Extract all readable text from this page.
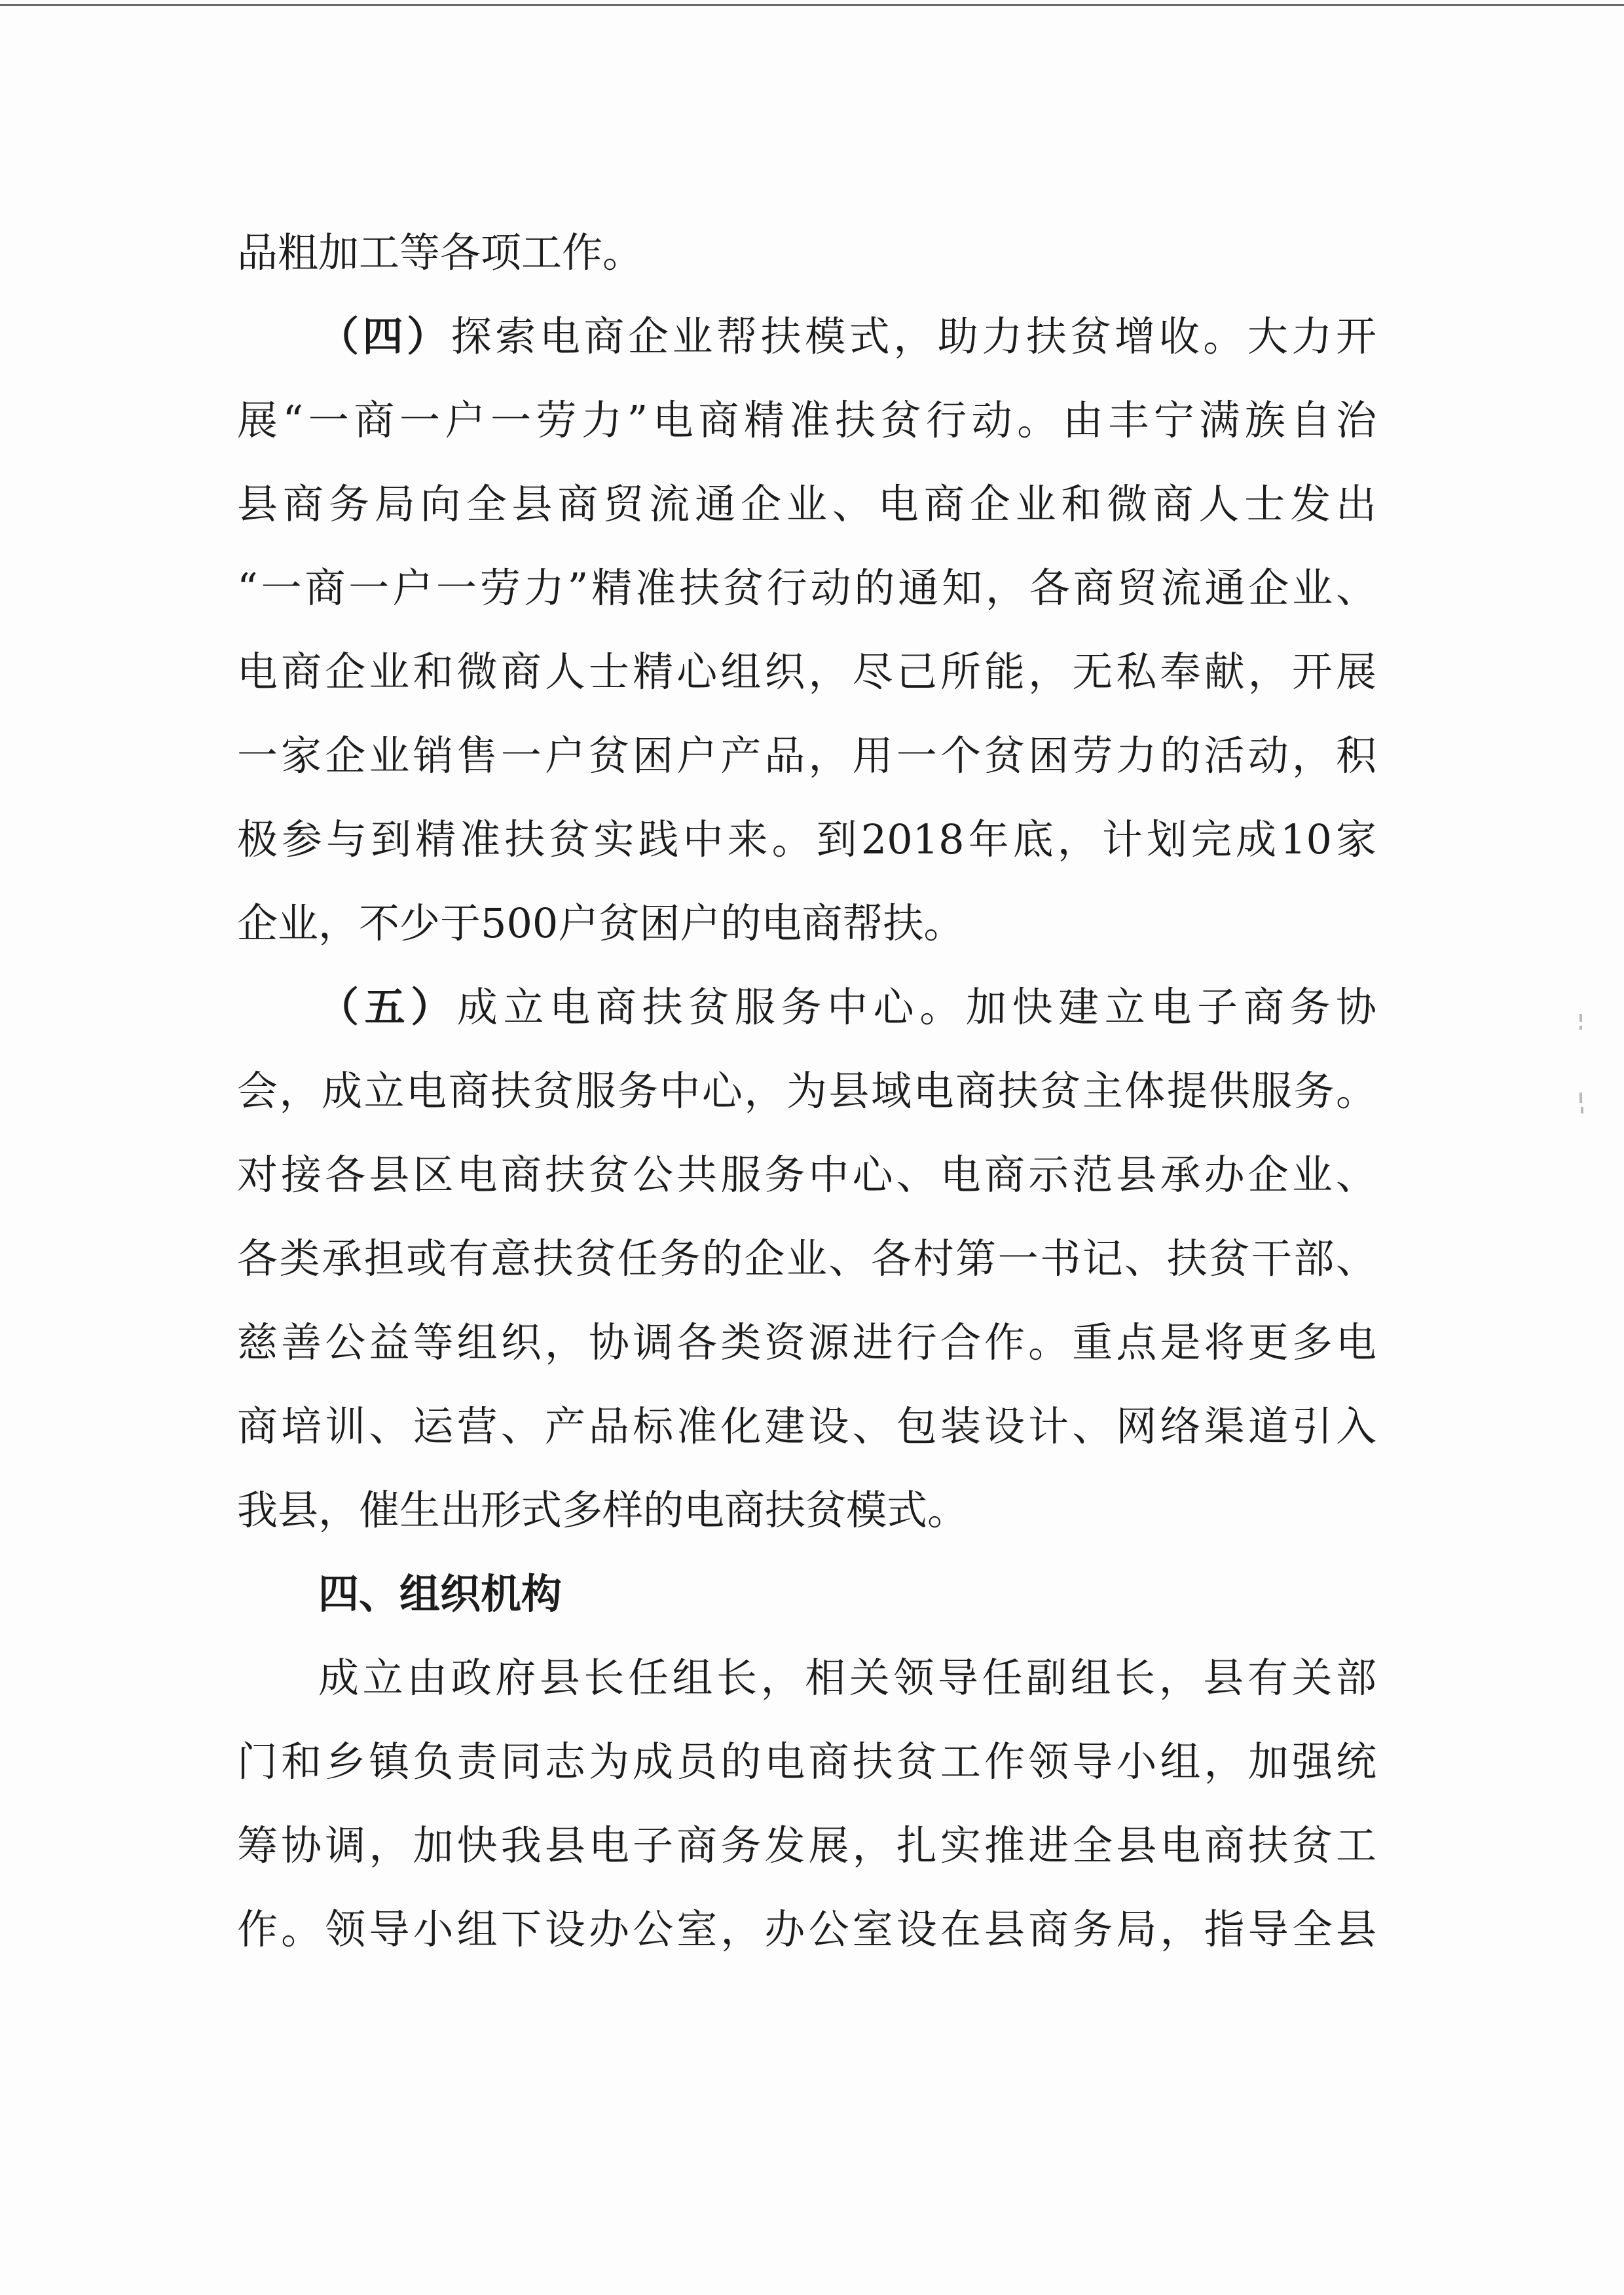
品粗加工等各项工作。
（四）探索电商企业帮扶模式，助力扶贫增收。大力开
展“一商一户一劳力”电商精准扶贫行动。由丰宁满族自治
县商务局向全县商贸流通企业、电商企业和微商人士发出
“一商一户一劳力”精准扶贫行动的通知，各商贸流通企业、
电商企业和微商人士精心组织，尽己所能，无私奉献，开展
一家企业销售一户贫困户产品，用一个贫困劳力的活动，积
极参与到精准扶贫实践中来。到2018年底，计划完成10家
企业，不少于500户贫困户的电商帮扶。
（五）成立电商扶贫服务中心。加快建立电子商务协
会，成立电商扶贫服务中心，为县域电商扶贫主体提供服务。
对接各县区电商扶贫公共服务中心、电商示范县承办企业、
各类承担或有意扶贫任务的企业、各村第一书记、扶贫干部、
慈善公益等组织，协调各类资源进行合作。重点是将更多电
商培训、运营、产品标准化建设、包装设计、网络渠道引入
我县，催生出形式多样的电商扶贫模式。
四、组织机构
成立由政府县长任组长，相关领导任副组长，县有关部
门和乡镇负责同志为成员的电商扶贫工作领导小组，加强统
筹协调，加快我县电子商务发展，扎实推进全县电商扶贫工
作。领导小组下设办公室，办公室设在县商务局，指导全县
